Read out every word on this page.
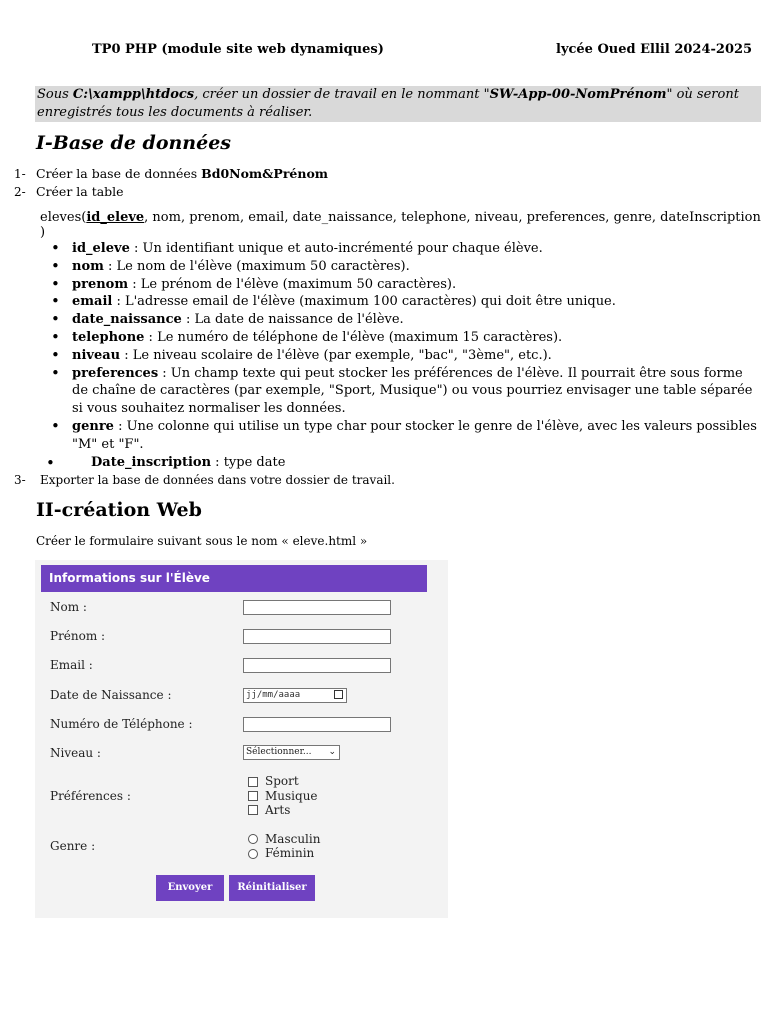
TP0 PHP (module site web dynamiques)	lycée Oued Ellil 2024-2025
Sous C:\xampp\htdocs, créer un dossier de travail en le nommant "SW-App-00-NomPrénom" où seront
enregistrés tous les documents à réaliser.
I-Base de données
1- Créer la base de données Bd0Nom&Prénom
2- Créer la table
eleves(id_eleve, nom, prenom, email, date_naissance, telephone, niveau, preferences, genre, dateInscription )
• id_eleve : Un identifiant unique et auto-incrémenté pour chaque élève.
• nom : Le nom de l'élève (maximum 50 caractères).
• prenom : Le prénom de l'élève (maximum 50 caractères).
• email : L'adresse email de l'élève (maximum 100 caractères) qui doit être unique.
• date_naissance : La date de naissance de l'élève.
• telephone : Le numéro de téléphone de l'élève (maximum 15 caractères).
• niveau : Le niveau scolaire de l'élève (par exemple, "bac", "3ème", etc.).
• preferences : Un champ texte qui peut stocker les préférences de l'élève. Il pourrait être sous forme de chaîne de caractères (par exemple, "Sport, Musique") ou vous pourriez envisager une table séparée si vous souhaitez normaliser les données.
• genre : Une colonne qui utilise un type char pour stocker le genre de l'élève, avec les valeurs possibles "M" et "F".
•	Date_inscription : type date
3- Exporter la base de données dans votre dossier de travail.
II-création Web
Créer le formulaire suivant sous le nom « eleve.html »
Informations sur l'Élève
Nom :
Prénom :
Email :
Date de Naissance :	jj/mm/aaaa
Numéro de Téléphone :
Niveau :	Sélectionner... ⌄
Préférences :
Sport
Musique
Arts
Genre :	Masculin
Féminin
Envoyer	Réinitialiser
